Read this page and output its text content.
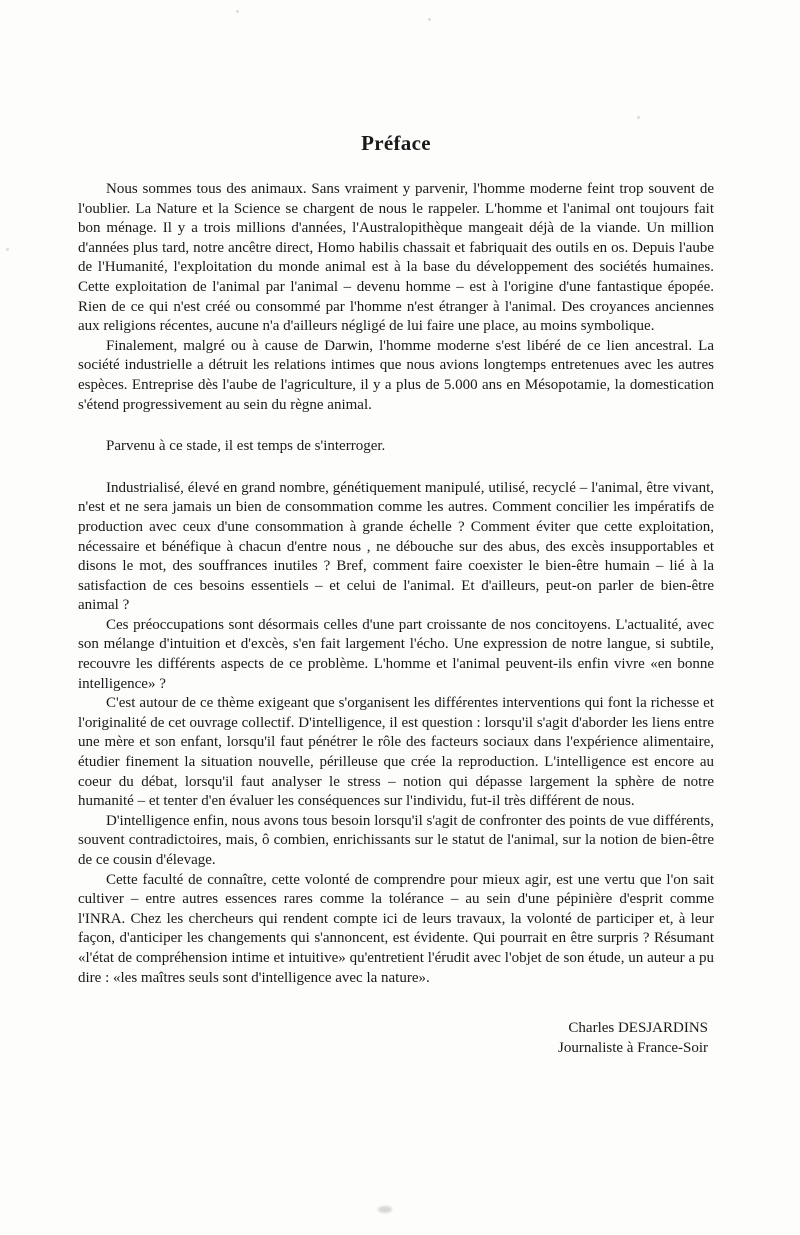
Préface

Nous sommes tous des animaux. Sans vraiment y parvenir, l'homme moderne feint trop souvent de l'oublier. La Nature et la Science se chargent de nous le rappeler. L'homme et l'animal ont toujours fait bon ménage. Il y a trois millions d'années, l'Australopithèque mangeait déjà de la viande. Un million d'années plus tard, notre ancêtre direct, Homo habilis chassait et fabriquait des outils en os. Depuis l'aube de l'Humanité, l'exploitation du monde animal est à la base du développement des sociétés humaines. Cette exploitation de l'animal par l'animal – devenu homme – est à l'origine d'une fantastique épopée. Rien de ce qui n'est créé ou consommé par l'homme n'est étranger à l'animal. Des croyances anciennes aux religions récentes, aucune n'a d'ailleurs négligé de lui faire une place, au moins symbolique.

Finalement, malgré ou à cause de Darwin, l'homme moderne s'est libéré de ce lien ancestral. La société industrielle a détruit les relations intimes que nous avions longtemps entretenues avec les autres espèces. Entreprise dès l'aube de l'agriculture, il y a plus de 5.000 ans en Mésopotamie, la domestication s'étend progressivement au sein du règne animal.

Parvenu à ce stade, il est temps de s'interroger.

Industrialisé, élevé en grand nombre, génétiquement manipulé, utilisé, recyclé – l'animal, être vivant, n'est et ne sera jamais un bien de consommation comme les autres. Comment concilier les impératifs de production avec ceux d'une consommation à grande échelle ? Comment éviter que cette exploitation, nécessaire et bénéfique à chacun d'entre nous , ne débouche sur des abus, des excès insupportables et disons le mot, des souffrances inutiles ? Bref, comment faire coexister le bien-être humain – lié à la satisfaction de ces besoins essentiels – et celui de l'animal. Et d'ailleurs, peut-on parler de bien-être animal ?

Ces préoccupations sont désormais celles d'une part croissante de nos concitoyens. L'actualité, avec son mélange d'intuition et d'excès, s'en fait largement l'écho. Une expression de notre langue, si subtile, recouvre les différents aspects de ce problème. L'homme et l'animal peuvent-ils enfin vivre «en bonne intelligence» ?

C'est autour de ce thème exigeant que s'organisent les différentes interventions qui font la richesse et l'originalité de cet ouvrage collectif. D'intelligence, il est question : lorsqu'il s'agit d'aborder les liens entre une mère et son enfant, lorsqu'il faut pénétrer le rôle des facteurs sociaux dans l'expérience alimentaire, étudier finement la situation nouvelle, périlleuse que crée la reproduction. L'intelligence est encore au coeur du débat, lorsqu'il faut analyser le stress – notion qui dépasse largement la sphère de notre humanité – et tenter d'en évaluer les conséquences sur l'individu, fut-il très différent de nous.

D'intelligence enfin, nous avons tous besoin lorsqu'il s'agit de confronter des points de vue différents, souvent contradictoires, mais, ô combien, enrichissants sur le statut de l'animal, sur la notion de bien-être de ce cousin d'élevage.

Cette faculté de connaître, cette volonté de comprendre pour mieux agir, est une vertu que l'on sait cultiver – entre autres essences rares comme la tolérance – au sein d'une pépinière d'esprit comme l'INRA. Chez les chercheurs qui rendent compte ici de leurs travaux, la volonté de participer et, à leur façon, d'anticiper les changements qui s'annoncent, est évidente. Qui pourrait en être surpris ? Résumant «l'état de compréhension intime et intuitive» qu'entretient l'érudit avec l'objet de son étude, un auteur a pu dire : «les maîtres seuls sont d'intelligence avec la nature».

Charles DESJARDINS
Journaliste à France-Soir
